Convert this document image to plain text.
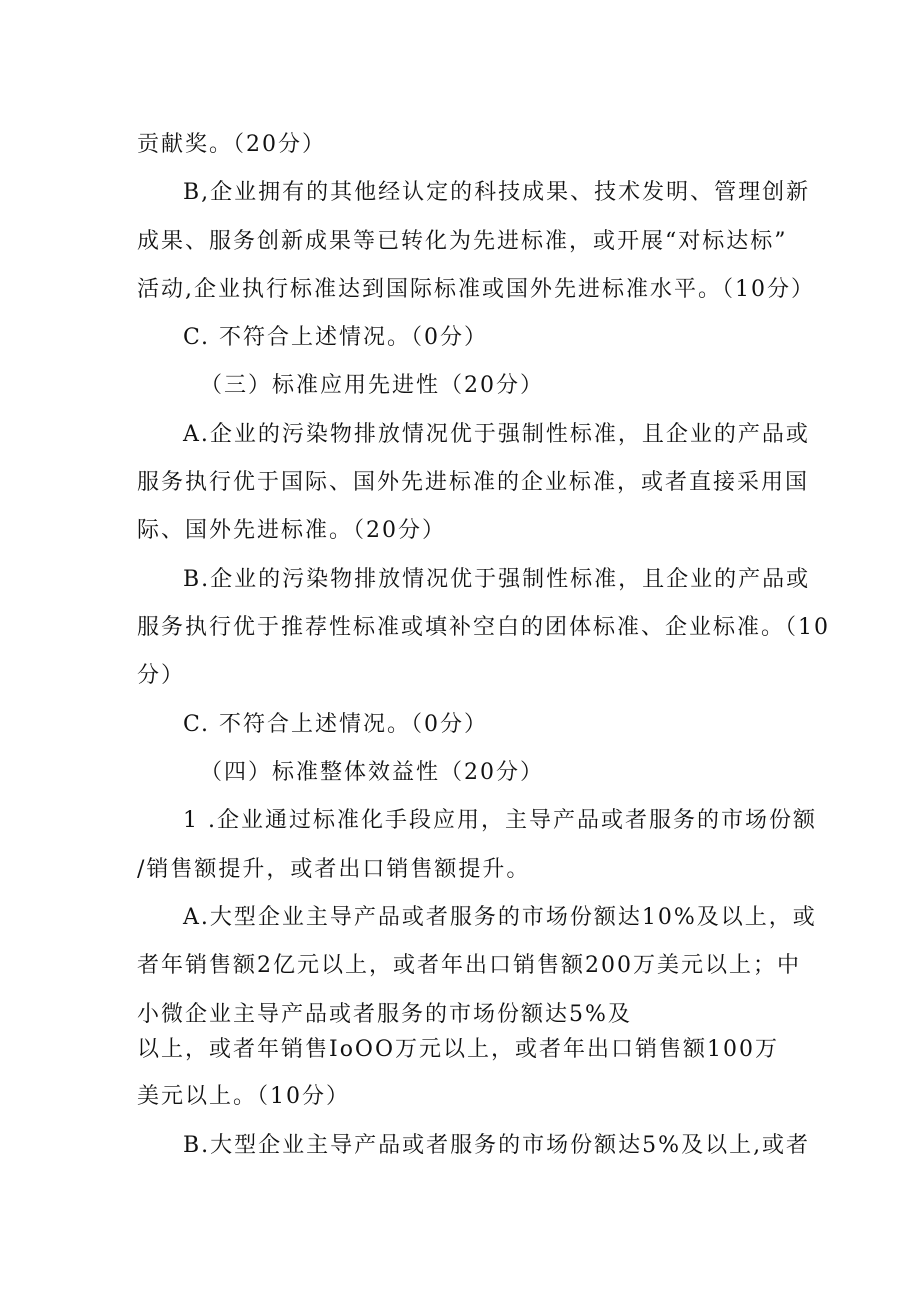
贡献奖。（20分）

B,企业拥有的其他经认定的科技成果、技术发明、管理创新

成果、服务创新成果等已转化为先进标准，或开展“对标达标”

活动,企业执行标准达到国际标准或国外先进标准水平。（10分）

C. 不符合上述情况。（0分）

（三）标准应用先进性（20分）

A.企业的污染物排放情况优于强制性标准，且企业的产品或

服务执行优于国际、国外先进标准的企业标准，或者直接采用国

际、国外先进标准。（20分）

B.企业的污染物排放情况优于强制性标准，且企业的产品或

服务执行优于推荐性标准或填补空白的团体标准、企业标准。（10

分）

C. 不符合上述情况。（0分）

（四）标准整体效益性（20分）

1 .企业通过标准化手段应用，主导产品或者服务的市场份额

/销售额提升，或者出口销售额提升。

A.大型企业主导产品或者服务的市场份额达10%及以上，或

者年销售额2亿元以上，或者年出口销售额200万美元以上；中

小微企业主导产品或者服务的市场份额达5%及

以上，或者年销售IoOO万元以上，或者年出口销售额100万

美元以上。（10分）

B.大型企业主导产品或者服务的市场份额达5%及以上,或者
